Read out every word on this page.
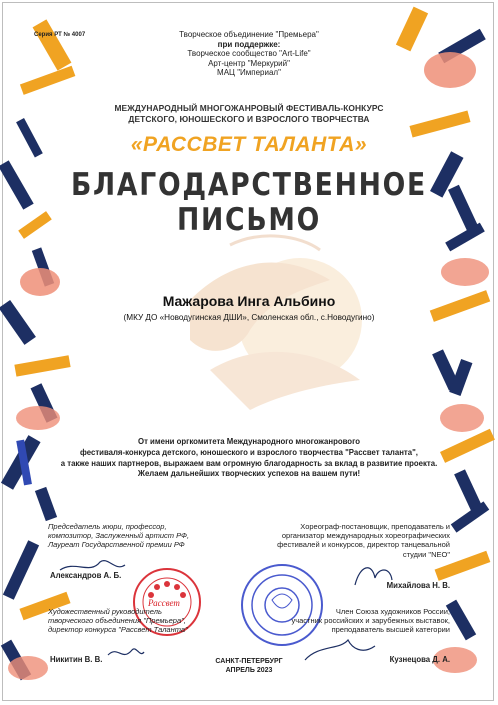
Серия РТ № 4007	Творческое объединение "Премьера"
при поддержке:
Творческое сообщество "Art-Life"
Арт-центр "Меркурий"
МАЦ "Империал"
МЕЖДУНАРОДНЫЙ МНОГОЖАНРОВЫЙ ФЕСТИВАЛЬ-КОНКУРС
ДЕТСКОГО, ЮНОШЕСКОГО И ВЗРОСЛОГО ТВОРЧЕСТВА
«РАССВЕТ ТАЛАНТА»
БЛАГОДАРСТВЕННОЕ
ПИСЬМО
Мажарова Инга Альбино
(МКУ ДО «Новодугинская ДШИ», Смоленская обл., с.Новодугино)
От имени оргкомитета Международного многожанрового
фестиваля-конкурса детского, юношеского и взрослого творчества "Рассвет таланта",
а также наших партнеров, выражаем вам огромную благодарность за вклад в развитие проекта.
Желаем дальнейших творческих успехов на вашем пути!
Председатель жюри, профессор,
композитор, Заслуженный артист РФ,
Лауреат Государственной премии РФ
Александров А. Б.
Хореограф-постановщик, преподаватель и
организатор международных хореографических
фестивалей и конкурсов, директор танцевальной
студии "NEO"
Михайлова Н. В.
Художественный руководитель
творческого объединения "Премьера",
директор конкурса "Рассвет Таланта"
Никитин В. В.
Член Союза художников России,
участник российских и зарубежных выставок,
преподаватель высшей категории
Кузнецова Д. А.
Рассвет
САНКТ-ПЕТЕРБУРГ
АПРЕЛЬ 2023
